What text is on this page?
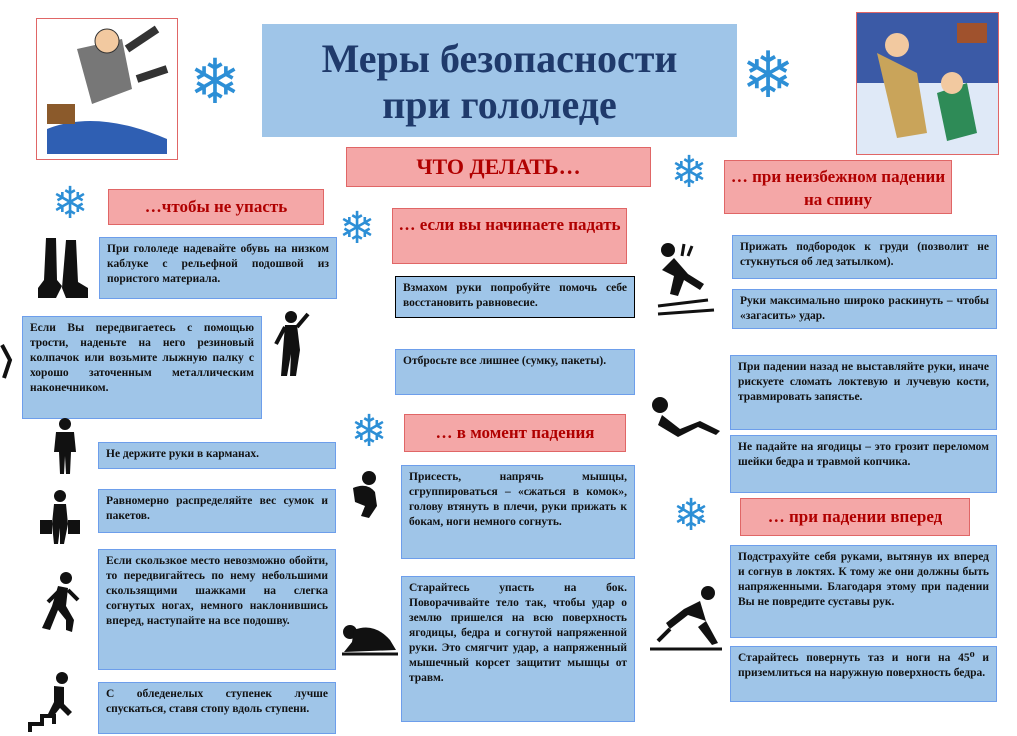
Меры безопасности
при гололеде
❄	❄
❄
❄
❄
❄
❄
ЧТО ДЕЛАТЬ…
…чтобы не упасть
… если вы начинаете падать
… в момент падения
… при неизбежном падении на спину
… при падении вперед
При гололеде надевайте обувь на низком каблуке с рельефной подошвой из пористого материала.
Если Вы передвигаетесь с помощью трости, наденьте на него резиновый колпачок или возьмите лыжную палку с хорошо заточенным металлическим наконечником.
Не держите руки в карманах.
Равномерно распределяйте вес сумок и пакетов.
Если скользкое место невозможно обойти, то передвигайтесь по нему небольшими скользящими шажками на слегка согнутых ногах, немного наклонившись вперед, наступайте на все подошву.
С обледенелых ступенек лучше спускаться, ставя стопу вдоль ступени.
Взмахом руки попробуйте помочь себе восстановить равновесие.
Отбросьте все лишнее (сумку, пакеты).
Присесть, напрячь мышцы, сгруппироваться – «сжаться в комок», голову втянуть в плечи, руки прижать к бокам, ноги немного согнуть.
Старайтесь упасть на бок. Поворачивайте тело так, чтобы удар о землю пришелся на всю поверхность ягодицы, бедра и согнутой напряженной руки. Это смягчит удар, а напряженный мышечный корсет защитит мышцы от травм.
Прижать подбородок к груди (позволит не стукнуться об лед затылком).
Руки максимально широко раскинуть – чтобы «загасить» удар.
При падении назад не выставляйте руки, иначе рискуете сломать локтевую и лучевую кости, травмировать запястье.
Не падайте на ягодицы – это грозит переломом шейки бедра и травмой копчика.
Подстрахуйте себя руками, вытянув их вперед и согнув в локтях. К тому же они должны быть напряженными. Благодаря этому при падении Вы не повредите суставы рук.
Старайтесь повернуть таз и ноги на 45⁰ и приземлиться на наружную поверхность бедра.
